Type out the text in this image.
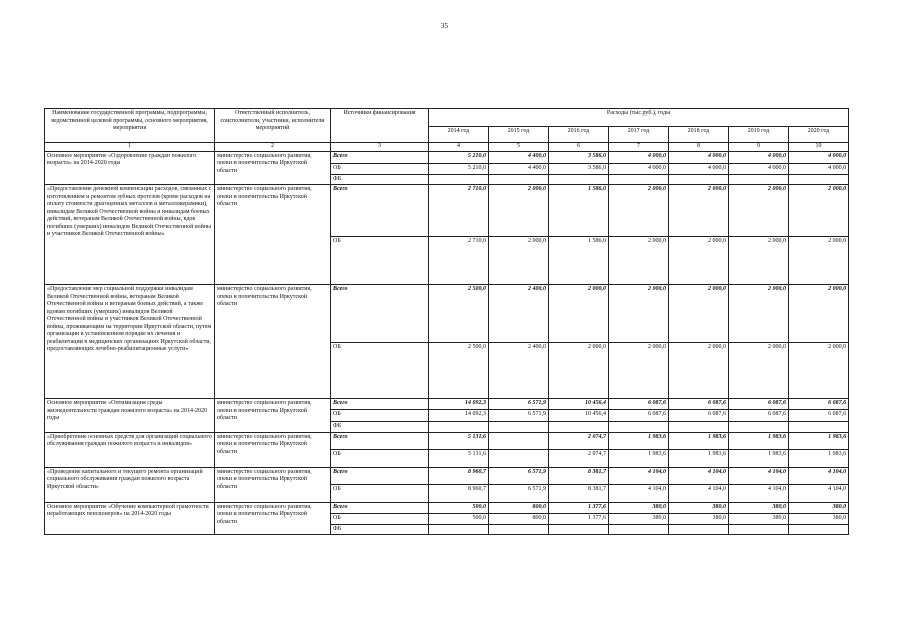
35
Наименование государственной программы, подпрограммы, ведомственной целевой программы, основного мероприятия, мероприятия	Ответственный исполнитель, соисполнители, участники, исполнители мероприятий	Источники финансирования	Расходы (тыс.руб.), годы						
			2014 год	2015 год	2016 год	2017 год	2018 год	2019 год	2020 год
1	2	3	4	5	6	7	8	9	10
Основное мероприятие «Оздоровление граждан пожилого возраста» на 2014-2020 годы	министерство социального развития, опеки и попечительства Иркутской области	Всего	5 210,0	4 400,0	3 586,0	4 000,0	4 000,0	4 000,0	4 000,0
		ОБ	5 210,0	4 400,0	3 586,0	4 000,0	4 000,0	4 000,0	4 000,0
		ФБ							
«Предоставление денежной компенсации расходов, связанных с изготовлением и ремонтом зубных протезов (кроме расходов на оплату стоимости драгоценных металлов и металлокерамики), инвалидам Великой Отечественной войны и инвалидам боевых действий, ветеранам Великой Отечественной войны, вдов погибших (умерших) инвалидов Великой Отечественной войны и участников Великой Отечественной войны»	министерство социального развития, опеки и попечительства Иркутской области	Всего	2 710,0	2 000,0	1 586,0	2 000,0	2 000,0	2 000,0	2 000,0
		ОБ	2 710,0	2 000,0	1 586,0	2 000,0	2 000,0	2 000,0	2 000,0
«Предоставление мер социальной поддержки инвалидам Великой Отечественной войны, ветеранам Великой Отечественной войны и ветеранам боевых действий, а также вдовам погибших (умерших) инвалидов Великой Отечественной войны и участников Великой Отечественной войны, проживающим на территории Иркутской области, путем организации в установленном порядке их лечения и реабилитации в медицинских организациях Иркутской области, предоставляющих лечебно-реабилитационные услуги»	министерство социального развития, опеки и попечительства Иркутской области	Всего	2 500,0	2 400,0	2 000,0	2 000,0	2 000,0	2 000,0	2 000,0
		ОБ	2 500,0	2 400,0	2 000,0	2 000,0	2 000,0	2 000,0	2 000,0
Основное мероприятие «Оптимизация среды жизнедеятельности граждан пожилого возраста» на 2014-2020 годы	министерство социального развития, опеки и попечительства Иркутской области	Всего	14 092,3	6 571,9	10 456,4	6 087,6	6 087,6	6 087,6	6 087,6
		ОБ	14 092,3	6 571,9	10 456,4	6 087,6	6 087,6	6 087,6	6 087,6
		ФБ							
«Приобретение основных средств для организаций социального обслуживания граждан пожилого возраста и инвалидов»	министерство социального развития, опеки и попечительства Иркутской области	Всего	5 131,6		2 074,7	1 983,6	1 983,6	1 983,6	1 983,6
		ОБ	5 131,6		2 074,7	1 983,6	1 983,6	1 983,6	1 983,6
«Проведение капитального и текущего ремонта организаций социального обслуживания граждан пожилого возраста Иркутской области»	министерство социального развития, опеки и попечительства Иркутской области	Всего	8 960,7	6 571,9	8 381,7	4 104,0	4 104,0	4 104,0	4 104,0
		ОБ	8 960,7	6 571,9	8 381,7	4 104,0	4 104,0	4 104,0	4 104,0
Основное мероприятие «Обучение компьютерной грамотности неработающих пенсионеров» на 2014-2020 годы	министерство социального развития, опеки и попечительства Иркутской области	Всего	500,0	800,0	1 377,6	380,0	380,0	380,0	380,0
		ОБ	500,0	800,0	1 377,6	380,0	380,0	380,0	380,0
		ФБ							
